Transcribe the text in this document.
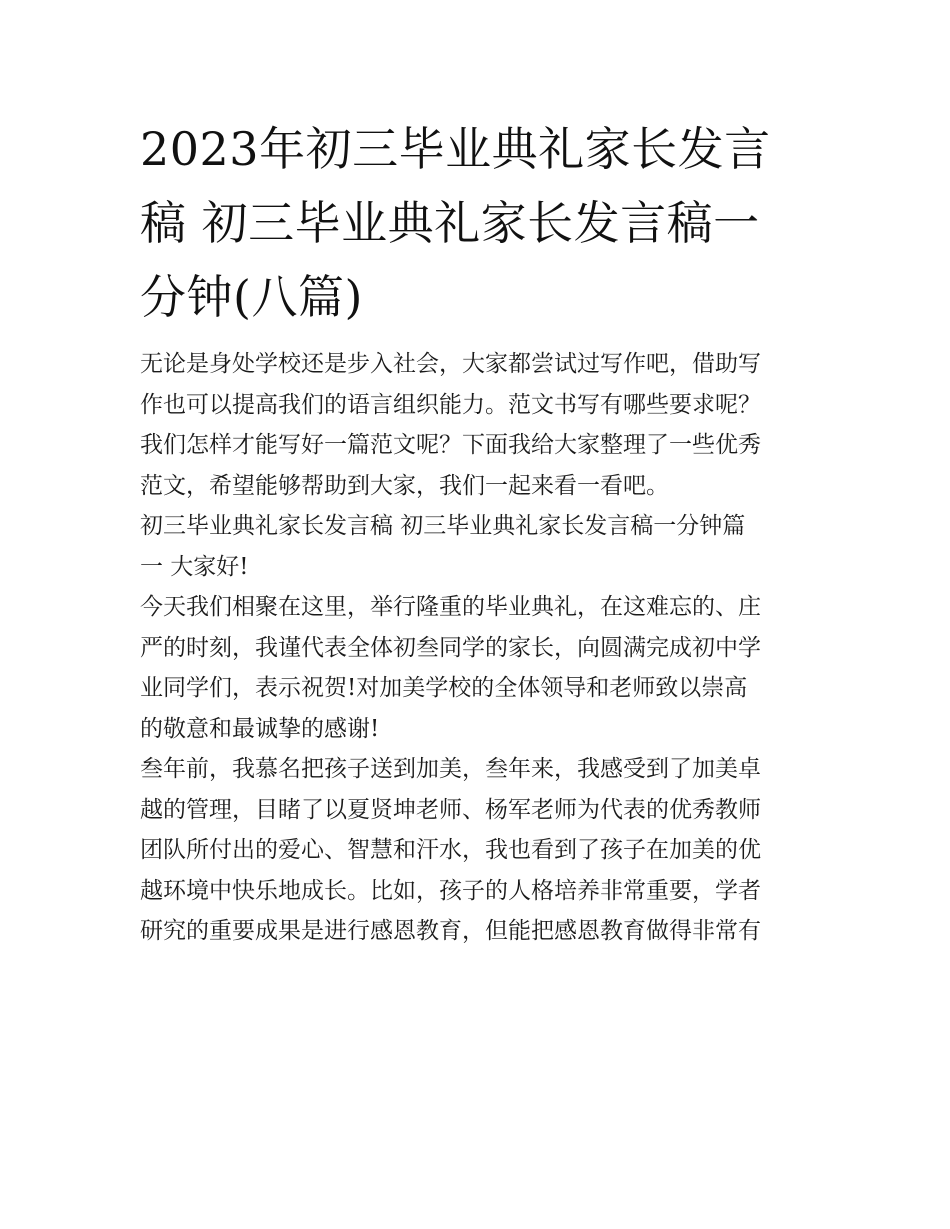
2023年初三毕业典礼家长发言
稿 初三毕业典礼家长发言稿一
分钟(八篇)
无论是身处学校还是步入社会，大家都尝试过写作吧，借助写
作也可以提高我们的语言组织能力。范文书写有哪些要求呢？
我们怎样才能写好一篇范文呢？下面我给大家整理了一些优秀
范文，希望能够帮助到大家，我们一起来看一看吧。
初三毕业典礼家长发言稿 初三毕业典礼家长发言稿一分钟篇
一 大家好!
今天我们相聚在这里，举行隆重的毕业典礼，在这难忘的、庄
严的时刻，我谨代表全体初叁同学的家长，向圆满完成初中学
业同学们，表示祝贺!对加美学校的全体领导和老师致以崇高
的敬意和最诚挚的感谢!
叁年前，我慕名把孩子送到加美，叁年来，我感受到了加美卓
越的管理，目睹了以夏贤坤老师、杨军老师为代表的优秀教师
团队所付出的爱心、智慧和汗水，我也看到了孩子在加美的优
越环境中快乐地成长。比如，孩子的人格培养非常重要，学者
研究的重要成果是进行感恩教育，但能把感恩教育做得非常有
